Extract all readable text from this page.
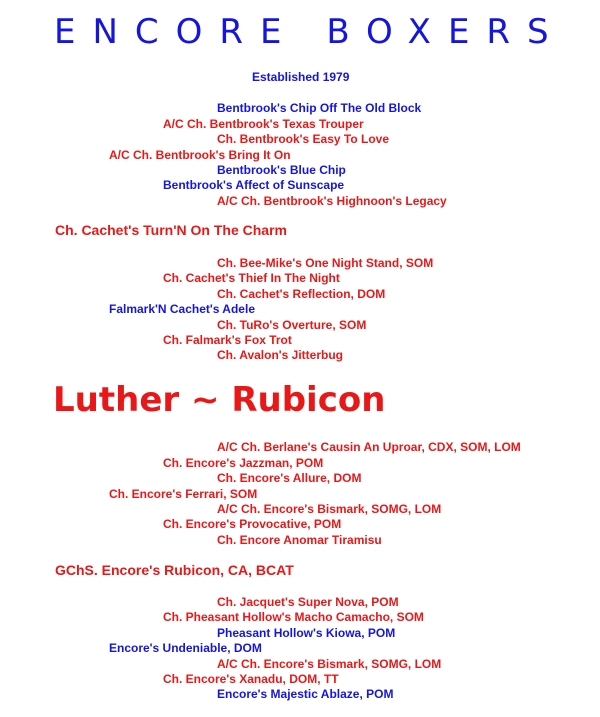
ENCORE BOXERS

Established 1979

Bentbrook's Chip Off The Old Block

A/C Ch. Bentbrook's Texas Trouper

Ch. Bentbrook's Easy To Love

A/C Ch. Bentbrook's Bring It On

Bentbrook's Blue Chip

Bentbrook's Affect of Sunscape

A/C Ch. Bentbrook's Highnoon's Legacy

Ch. Cachet's Turn'N On The Charm

Ch. Bee-Mike's One Night Stand, SOM

Ch. Cachet's Thief In The Night

Ch. Cachet's Reflection, DOM

Falmark'N Cachet's Adele

Ch. TuRo's Overture, SOM

Ch. Falmark's Fox Trot

Ch. Avalon's Jitterbug

Luther ~ Rubicon

A/C Ch. Berlane's Causin An Uproar, CDX, SOM, LOM

Ch. Encore's Jazzman, POM

Ch. Encore's Allure, DOM

Ch. Encore's Ferrari, SOM

A/C Ch. Encore's Bismark, SOMG, LOM

Ch. Encore's Provocative, POM

Ch. Encore Anomar Tiramisu

GChS. Encore's Rubicon, CA, BCAT

Ch. Jacquet's Super Nova, POM

Ch. Pheasant Hollow's Macho Camacho, SOM

Pheasant Hollow's Kiowa, POM

Encore's Undeniable, DOM

A/C Ch. Encore's Bismark, SOMG, LOM

Ch. Encore's Xanadu, DOM, TT

Encore's Majestic Ablaze, POM
